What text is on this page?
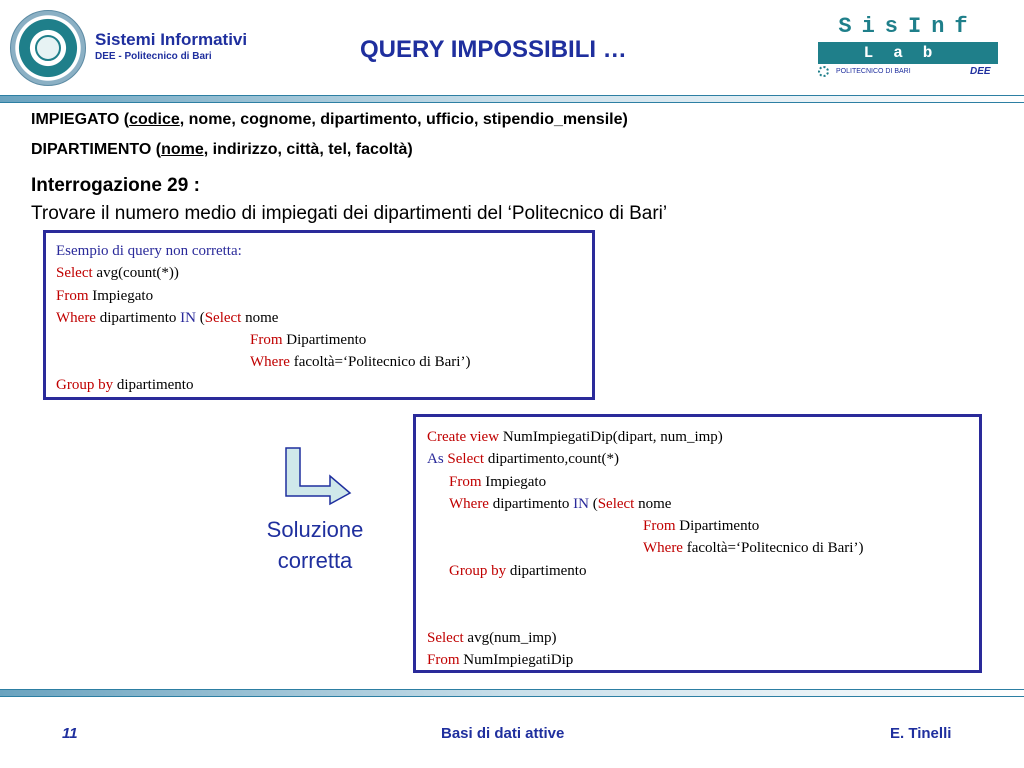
Sistemi Informativi
DEE - Politecnico di Bari	QUERY IMPOSSIBILI …
SisInf
Lab
POLITECNICO DI BARI	DEE
IMPIEGATO (codice, nome, cognome, dipartimento, ufficio, stipendio_mensile)
DIPARTIMENTO (nome, indirizzo, città, tel, facoltà)
Interrogazione 29 :
Trovare il numero medio di impiegati dei dipartimenti del ‘Politecnico di Bari’
Esempio di query non corretta:
Select avg(count(*))
From Impiegato
Where dipartimento IN (Select nome
From Dipartimento
Where facoltà=‘Politecnico di Bari’)
Group by dipartimento
Soluzione
corretta
Create view NumImpiegatiDip(dipart, num_imp)
As Select dipartimento,count(*)
From Impiegato
Where dipartimento IN (Select nome
From Dipartimento
Where facoltà=‘Politecnico di Bari’)
Group by dipartimento
Select avg(num_imp)
From NumImpiegatiDip
11	Basi di dati attive	E. Tinelli
